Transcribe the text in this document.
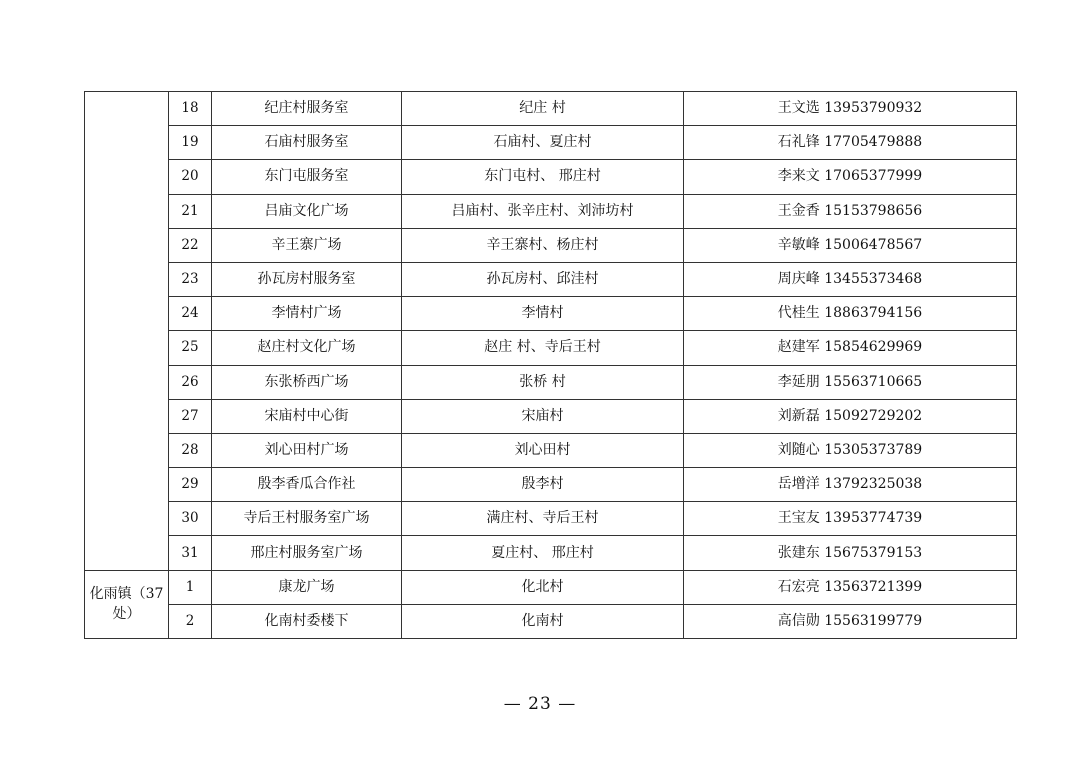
	18	纪庄村服务室	纪庄 村	王文选 13953790932
	19	石庙村服务室	石庙村、夏庄村	石礼锋 17705479888
	20	东门屯服务室	东门屯村、 邢庄村	李来文 17065377999
	21	吕庙文化广场	吕庙村、张辛庄村、刘沛坊村	王金香 15153798656
	22	辛王寨广场	辛王寨村、杨庄村	辛敏峰 15006478567
	23	孙瓦房村服务室	孙瓦房村、邱洼村	周庆峰 13455373468
	24	李情村广场	李情村	代桂生 18863794156
	25	赵庄村文化广场	赵庄 村、寺后王村	赵建军 15854629969
	26	东张桥西广场	张桥 村	李延朋 15563710665
	27	宋庙村中心街	宋庙村	刘新磊 15092729202
	28	刘心田村广场	刘心田村	刘随心 15305373789
	29	殷李香瓜合作社	殷李村	岳增洋 13792325038
	30	寺后王村服务室广场	满庄村、寺后王村	王宝友 13953774739
	31	邢庄村服务室广场	夏庄村、 邢庄村	张建东 15675379153
化雨镇（37处）	1	康龙广场	化北村	石宏亮 13563721399
	2	化南村委楼下	化南村	高信勋 15563199779
— 23 —
